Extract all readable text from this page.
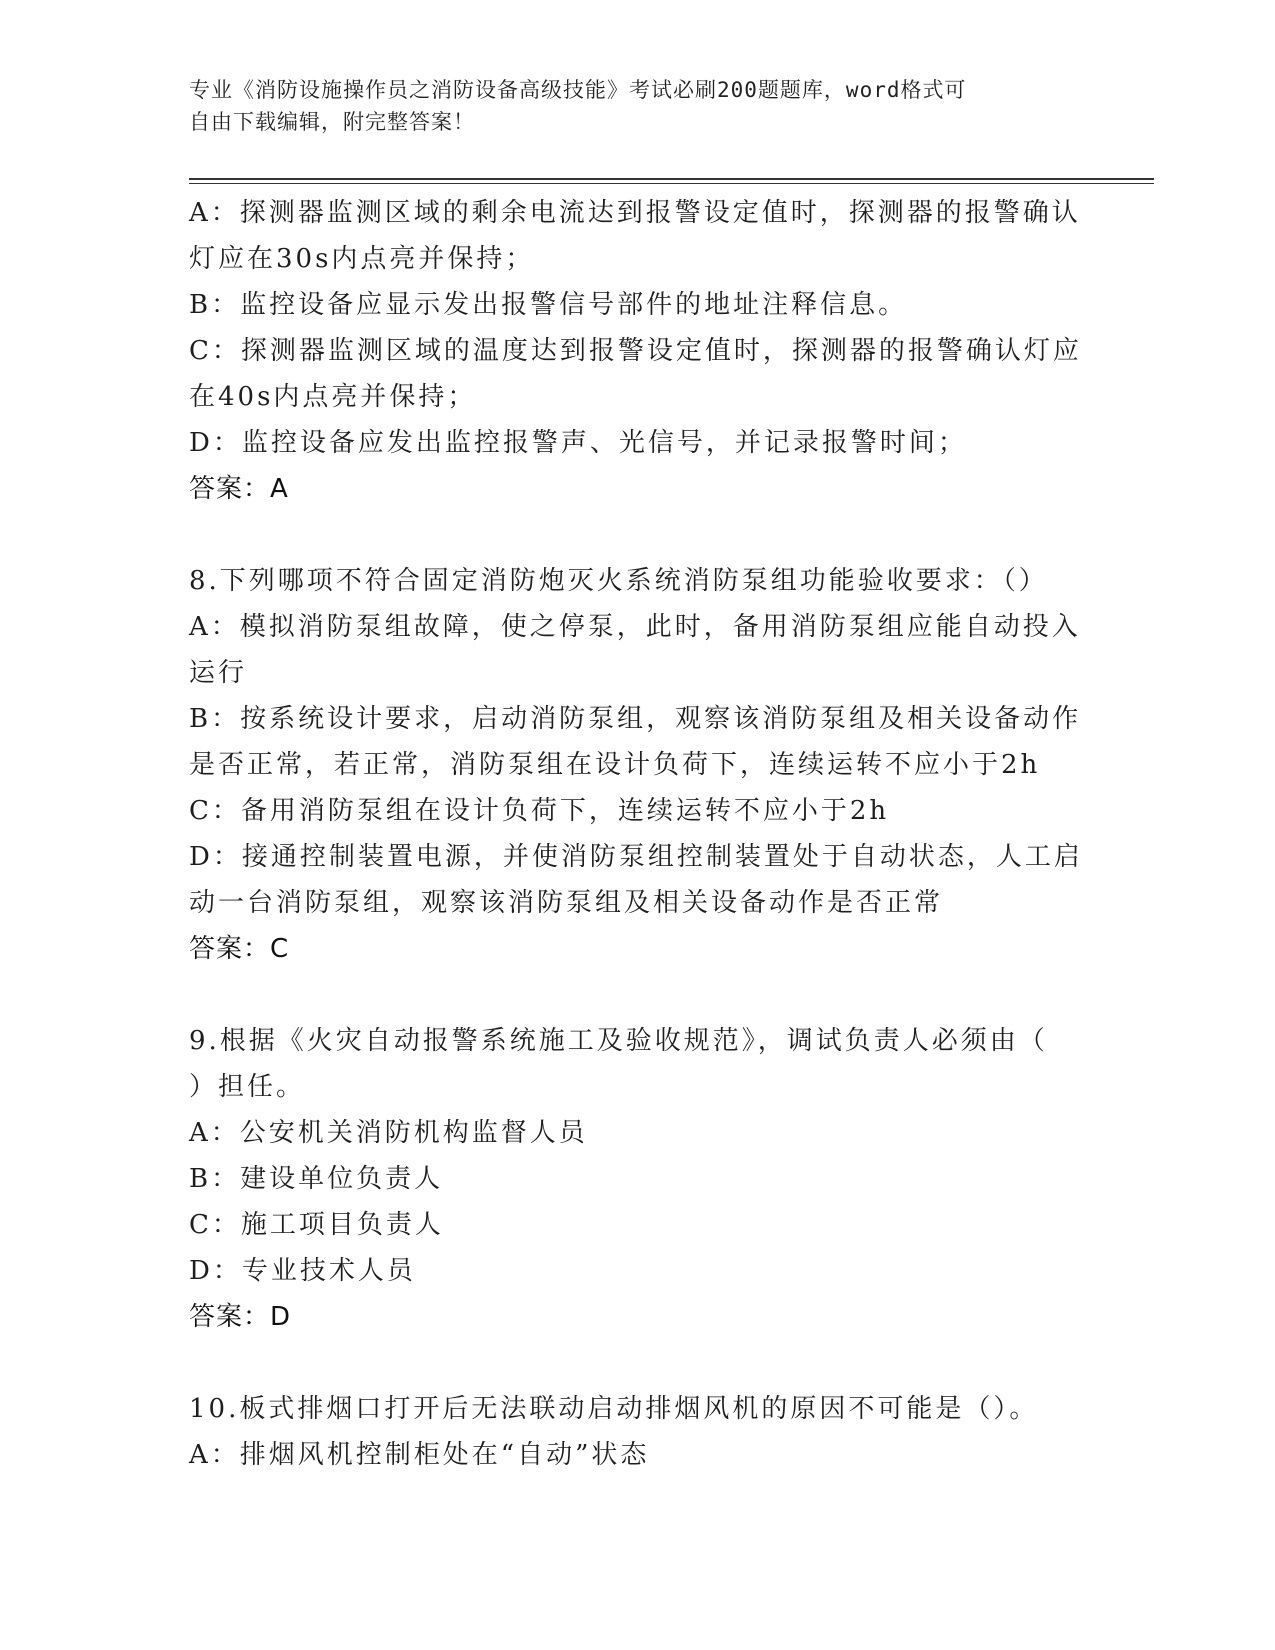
专业《消防设施操作员之消防设备高级技能》考试必刷200题题库，word格式可
自由下载编辑，附完整答案！

A：探测器监测区域的剩余电流达到报警设定值时，探测器的报警确认

灯应在30s内点亮并保持；

B：监控设备应显示发出报警信号部件的地址注释信息。

C：探测器监测区域的温度达到报警设定值时，探测器的报警确认灯应

在40s内点亮并保持；

D：监控设备应发出监控报警声、光信号，并记录报警时间；

答案：A

8.下列哪项不符合固定消防炮灭火系统消防泵组功能验收要求：（）

A：模拟消防泵组故障，使之停泵，此时，备用消防泵组应能自动投入

运行

B：按系统设计要求，启动消防泵组，观察该消防泵组及相关设备动作

是否正常，若正常，消防泵组在设计负荷下，连续运转不应小于2h

C：备用消防泵组在设计负荷下，连续运转不应小于2h

D：接通控制装置电源，并使消防泵组控制装置处于自动状态，人工启

动一台消防泵组，观察该消防泵组及相关设备动作是否正常

答案：C

9.根据《火灾自动报警系统施工及验收规范》，调试负责人必须由（

）担任。

A：公安机关消防机构监督人员

B：建设单位负责人

C：施工项目负责人

D：专业技术人员

答案：D

10.板式排烟口打开后无法联动启动排烟风机的原因不可能是（）。

A：排烟风机控制柜处在“自动”状态
